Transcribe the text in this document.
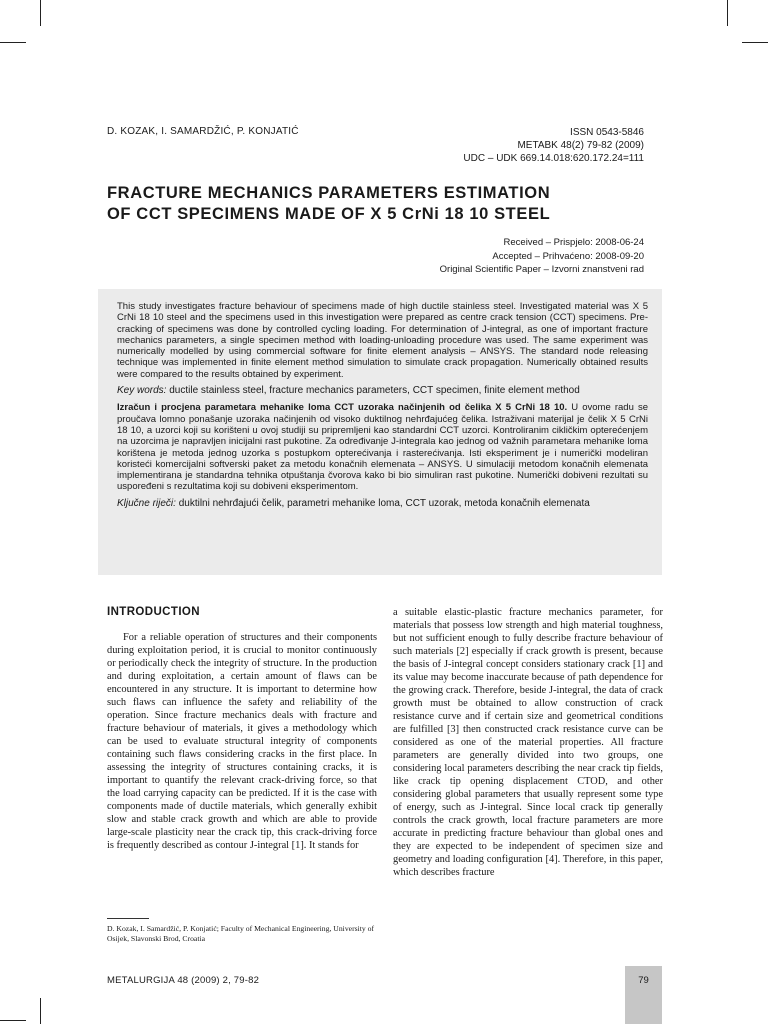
D. KOZAK, I. SAMARDŽIĆ, P. KONJATIĆ	ISSN 0543-5846
METABK 48(2) 79-82 (2009)
UDC – UDK 669.14.018:620.172.24=111
FRACTURE MECHANICS PARAMETERS ESTIMATION
OF CCT SPECIMENS MADE OF X 5 CrNi 18 10 STEEL
Received – Prispjelo: 2008-06-24
Accepted – Prihvaćeno: 2008-09-20
Original Scientific Paper – Izvorni znanstveni rad

This study investigates fracture behaviour of specimens made of high ductile stainless steel. Investigated material was X 5 CrNi 18 10 steel and the specimens used in this investigation were prepared as centre crack tension (CCT) specimens. Pre-cracking of specimens was done by controlled cycling loading. For determination of J-integral, as one of important fracture mechanics parameters, a single specimen method with loading-unloading procedure was used. The same experiment was numerically modelled by using commercial software for finite element analysis – ANSYS. The standard node releasing technique was implemented in finite element method simulation to simulate crack propagation. Numerically obtained results were compared to the results obtained by experiment.

Key words: ductile stainless steel, fracture mechanics parameters, CCT specimen, finite element method

Izračun i procjena parametara mehanike loma CCT uzoraka načinjenih od čelika X 5 CrNi 18 10. U ovome radu se proučava lomno ponašanje uzoraka načinjenih od visoko duktilnog nehrđajućeg čelika. Istraživani materijal je čelik X 5 CrNi 18 10, a uzorci koji su korišteni u ovoj studiji su pripremljeni kao standardni CCT uzorci. Kontroliranim cikličkim opterećenjem na uzorcima je napravljen inicijalni rast pukotine. Za određivanje J-integrala kao jednog od važnih parametara mehanike loma korištena je metoda jednog uzorka s postupkom opterećivanja i rasterećivanja. Isti eksperiment je i numerički modeliran koristeći komercijalni softverski paket za metodu konačnih elemenata – ANSYS. U simulaciji metodom konačnih elemenata implementirana je standardna tehnika otpuštanja čvorova kako bi bio simuliran rast pukotine. Numerički dobiveni rezultati su uspoređeni s rezultatima koji su dobiveni eksperimentom.

Ključne riječi: duktilni nehrđajući čelik, parametri mehanike loma, CCT uzorak, metoda konačnih elemenata

INTRODUCTION

For a reliable operation of structures and their components during exploitation period, it is crucial to monitor continuously or periodically check the integrity of structure. In the production and during exploitation, a certain amount of flaws can be encountered in any structure. It is important to determine how such flaws can influence the safety and reliability of the operation. Since fracture mechanics deals with fracture and fracture behaviour of materials, it gives a methodology which can be used to evaluate structural integrity of components containing such flaws considering cracks in the first place. In assessing the integrity of structures containing cracks, it is important to quantify the relevant crack-driving force, so that the load carrying capacity can be predicted. If it is the case with components made of ductile materials, which generally exhibit slow and stable crack growth and which are able to provide large-scale plasticity near the crack tip, this crack-driving force is frequently described as contour J-integral [1]. It stands for

a suitable elastic-plastic fracture mechanics parameter, for materials that possess low strength and high material toughness, but not sufficient enough to fully describe fracture behaviour of such materials [2] especially if crack growth is present, because the basis of J-integral concept considers stationary crack [1] and its value may become inaccurate because of path dependence for the growing crack. Therefore, beside J-integral, the data of crack growth must be obtained to allow construction of crack resistance curve and if certain size and geometrical conditions are fulfilled [3] then constructed crack resistance curve can be considered as one of the material properties. All fracture parameters are generally divided into two groups, one considering local parameters describing the near crack tip fields, like crack tip opening displacement CTOD, and other considering global parameters that usually represent some type of energy, such as J-integral. Since local crack tip generally controls the crack growth, local fracture parameters are more accurate in predicting fracture behaviour than global ones and they are expected to be independent of specimen size and geometry and loading configuration [4]. Therefore, in this paper, which describes fracture

D. Kozak, I. Samardžić, P. Konjatić; Faculty of Mechanical Engineering, University of Osijek, Slavonski Brod, Croatia
METALURGIJA 48 (2009) 2, 79-82	79
